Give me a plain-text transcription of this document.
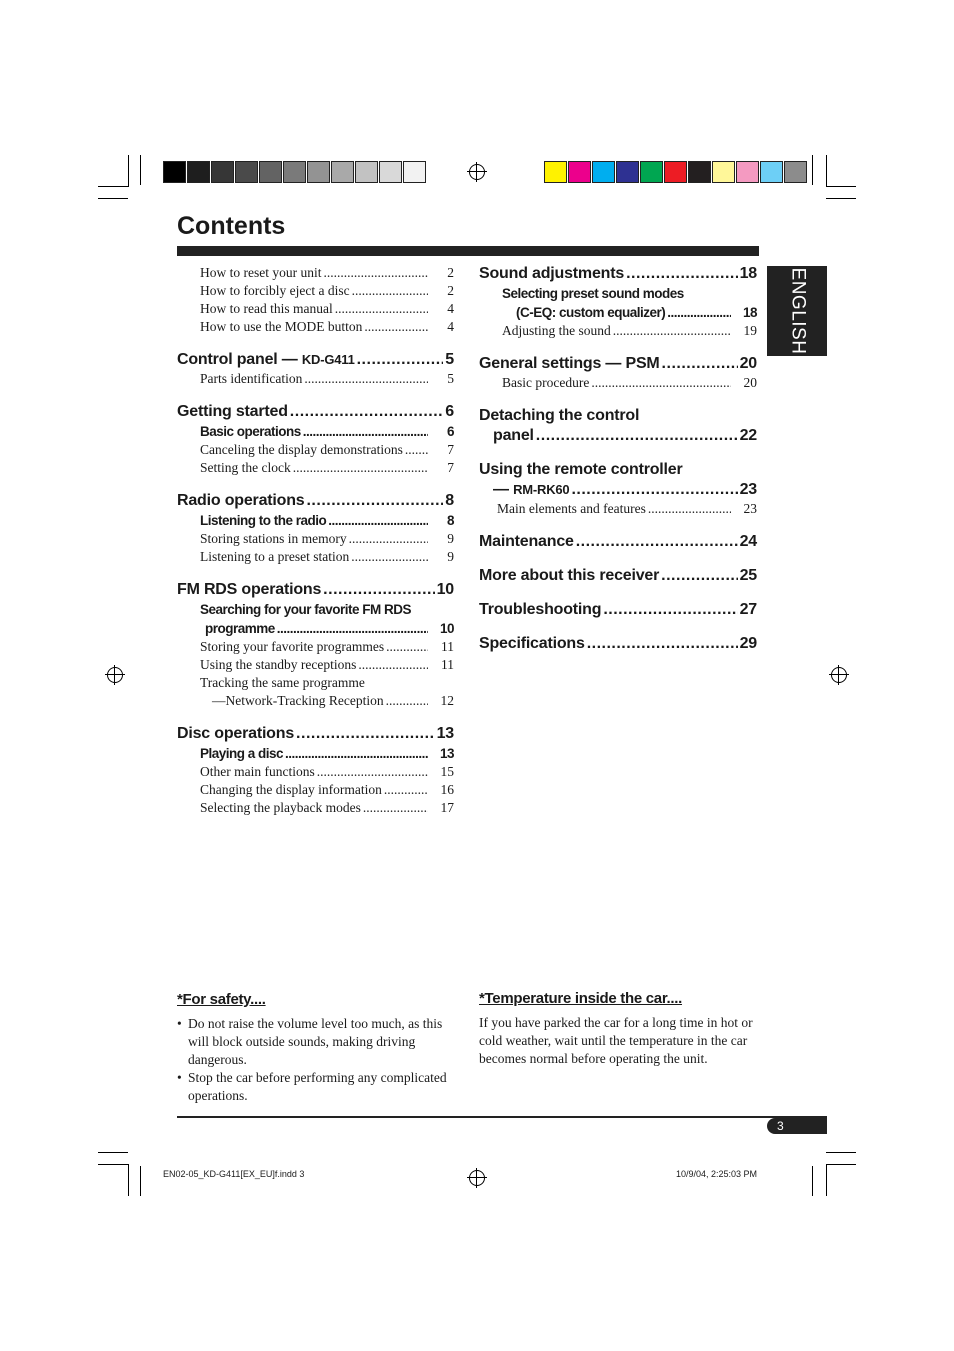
Contents
ENGLISH
How to reset your unit .....	2
How to forcibly eject a disc .....	2
How to read this manual .....	4
How to use the MODE button .....	4
Control panel — KD-G411 .....	5
Parts identification .....	5
Getting started .....	6
Basic operations .....	6
Canceling the display demonstrations .....	7
Setting the clock .....	7
Radio operations .....	8
Listening to the radio .....	8
Storing stations in memory .....	9
Listening to a preset station .....	9
FM RDS operations .....	10
Searching for your favorite FM RDS
programme .....	10
Storing your favorite programmes .....	11
Using the standby receptions .....	11
Tracking the same programme
—Network-Tracking Reception .....	12
Disc operations .....	13
Playing a disc .....	13
Other main functions .....	15
Changing the display information .....	16
Selecting the playback modes .....	17
Sound adjustments .....	18
Selecting preset sound modes
(C-EQ: custom equalizer) .....	18
Adjusting the sound .....	19
General settings — PSM .....	20
Basic procedure .....	20
Detaching the control
panel .....	22
Using the remote controller
— RM-RK60 .....	23
Main elements and features .....	23
Maintenance .....	24
More about this receiver .....	25
Troubleshooting .....	27
Specifications .....	29
*For safety....
• Do not raise the volume level too much, as this will block outside sounds, making driving dangerous.
• Stop the car before performing any complicated operations.
*Temperature inside the car....
If you have parked the car for a long time in hot or cold weather, wait until the temperature in the car becomes normal before operating the unit.
3
EN02-05_KD-G411[EX_EU]f.indd 3	10/9/04, 2:25:03 PM
